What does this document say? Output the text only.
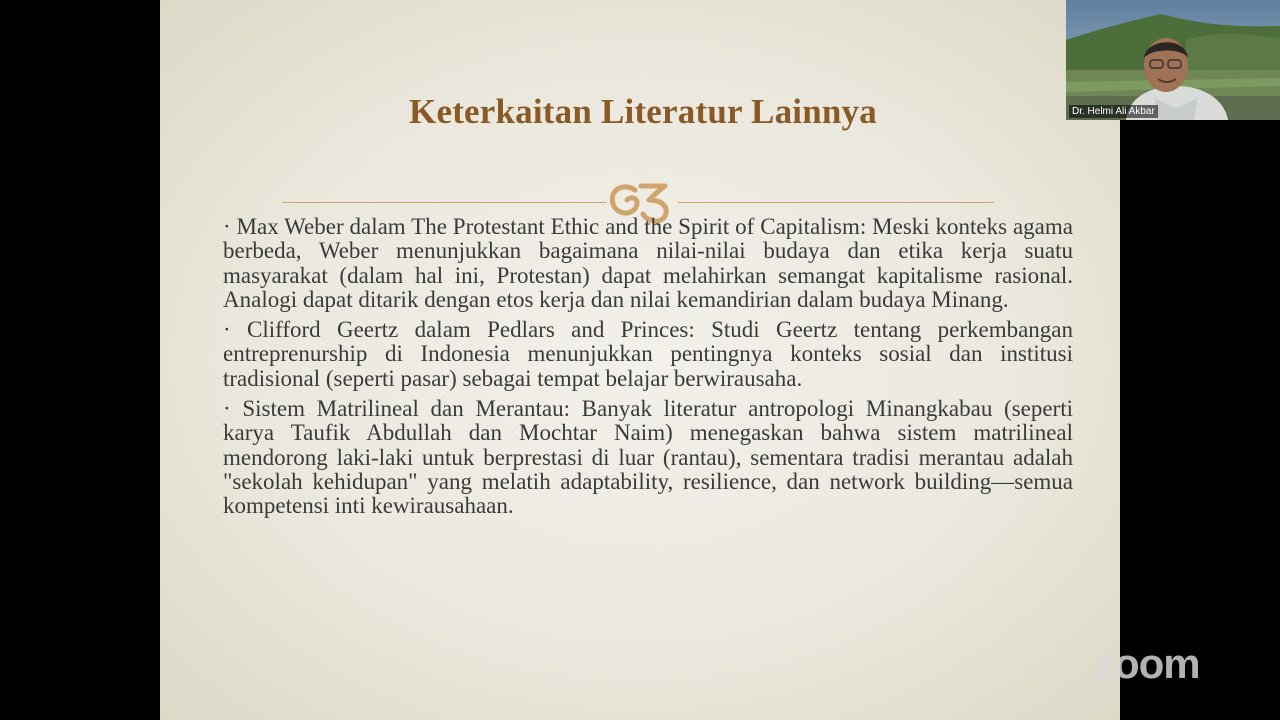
Keterkaitan Literatur Lainnya

· Max Weber dalam The Protestant Ethic and the Spirit of Capitalism: Meski konteks agama berbeda, Weber menunjukkan bagaimana nilai-nilai budaya dan etika kerja suatu masyarakat (dalam hal ini, Protestan) dapat melahirkan semangat kapitalisme rasional. Analogi dapat ditarik dengan etos kerja dan nilai kemandirian dalam budaya Minang.

· Clifford Geertz dalam Pedlars and Princes: Studi Geertz tentang perkembangan entreprenurship di Indonesia menunjukkan pentingnya konteks sosial dan institusi tradisional (seperti pasar) sebagai tempat belajar berwirausaha.

· Sistem Matrilineal dan Merantau: Banyak literatur antropologi Minangkabau (seperti karya Taufik Abdullah dan Mochtar Naim) menegaskan bahwa sistem matrilineal mendorong laki-laki untuk berprestasi di luar (rantau), sementara tradisi merantau adalah "sekolah kehidupan" yang melatih adaptability, resilience, dan network building—semua kompetensi inti kewirausahaan.

Dr. Helmi Ali Akbar
zoom
